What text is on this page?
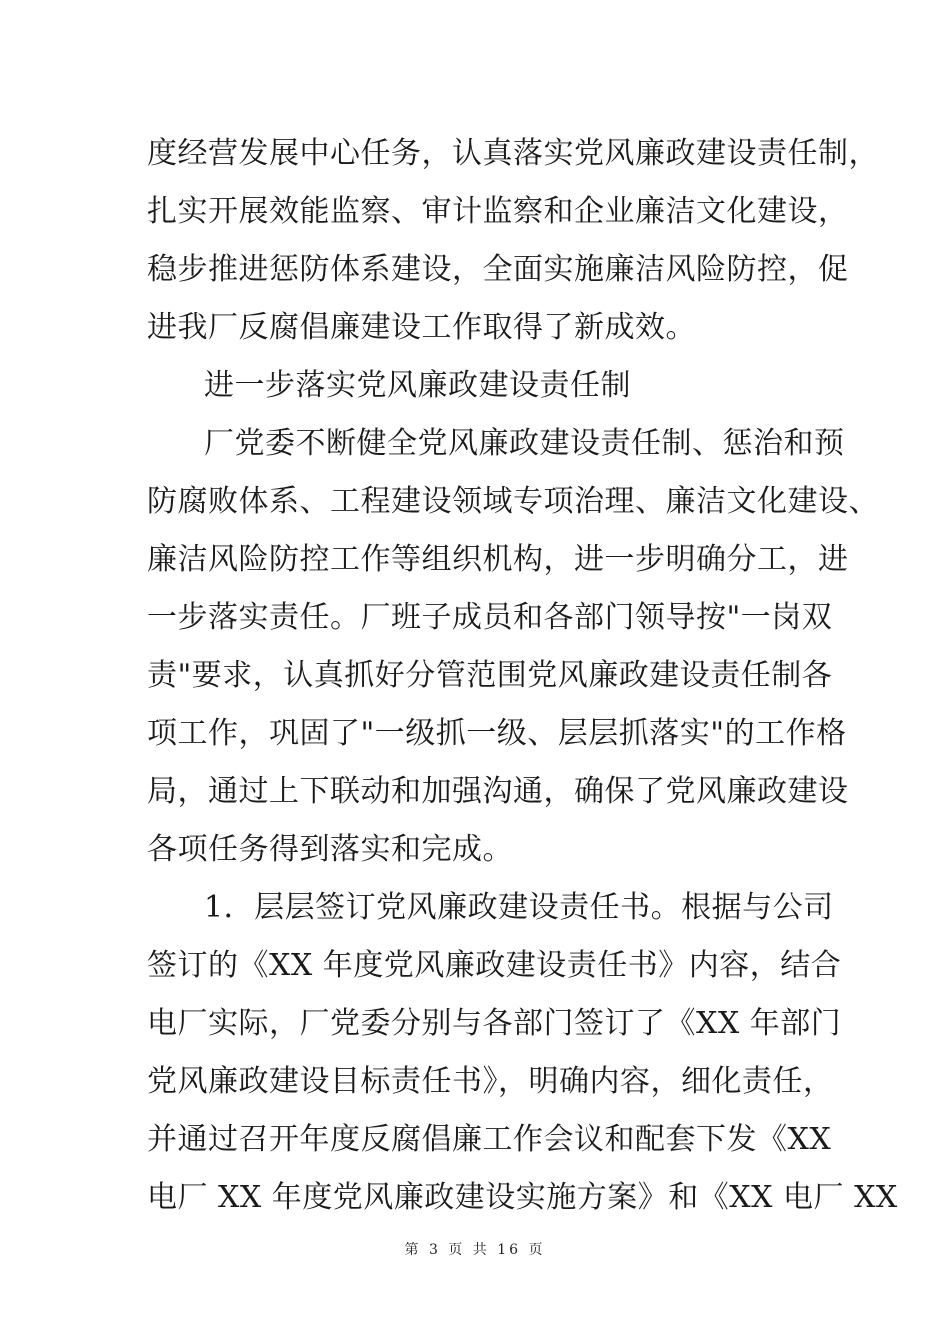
度经营发展中心任务，认真落实党风廉政建设责任制，
扎实开展效能监察、审计监察和企业廉洁文化建设，
稳步推进惩防体系建设，全面实施廉洁风险防控，促
进我厂反腐倡廉建设工作取得了新成效。
进一步落实党风廉政建设责任制
厂党委不断健全党风廉政建设责任制、惩治和预
防腐败体系、工程建设领域专项治理、廉洁文化建设、
廉洁风险防控工作等组织机构，进一步明确分工，进
一步落实责任。厂班子成员和各部门领导按"一岗双
责"要求，认真抓好分管范围党风廉政建设责任制各
项工作，巩固了"一级抓一级、层层抓落实"的工作格
局，通过上下联动和加强沟通，确保了党风廉政建设
各项任务得到落实和完成。
1．层层签订党风廉政建设责任书。根据与公司
签订的《XX 年度党风廉政建设责任书》内容，结合
电厂实际，厂党委分别与各部门签订了《XX 年部门
党风廉政建设目标责任书》，明确内容，细化责任，
并通过召开年度反腐倡廉工作会议和配套下发《XX
电厂 XX 年度党风廉政建设实施方案》和《XX 电厂 XX
第 3 页 共 16 页
